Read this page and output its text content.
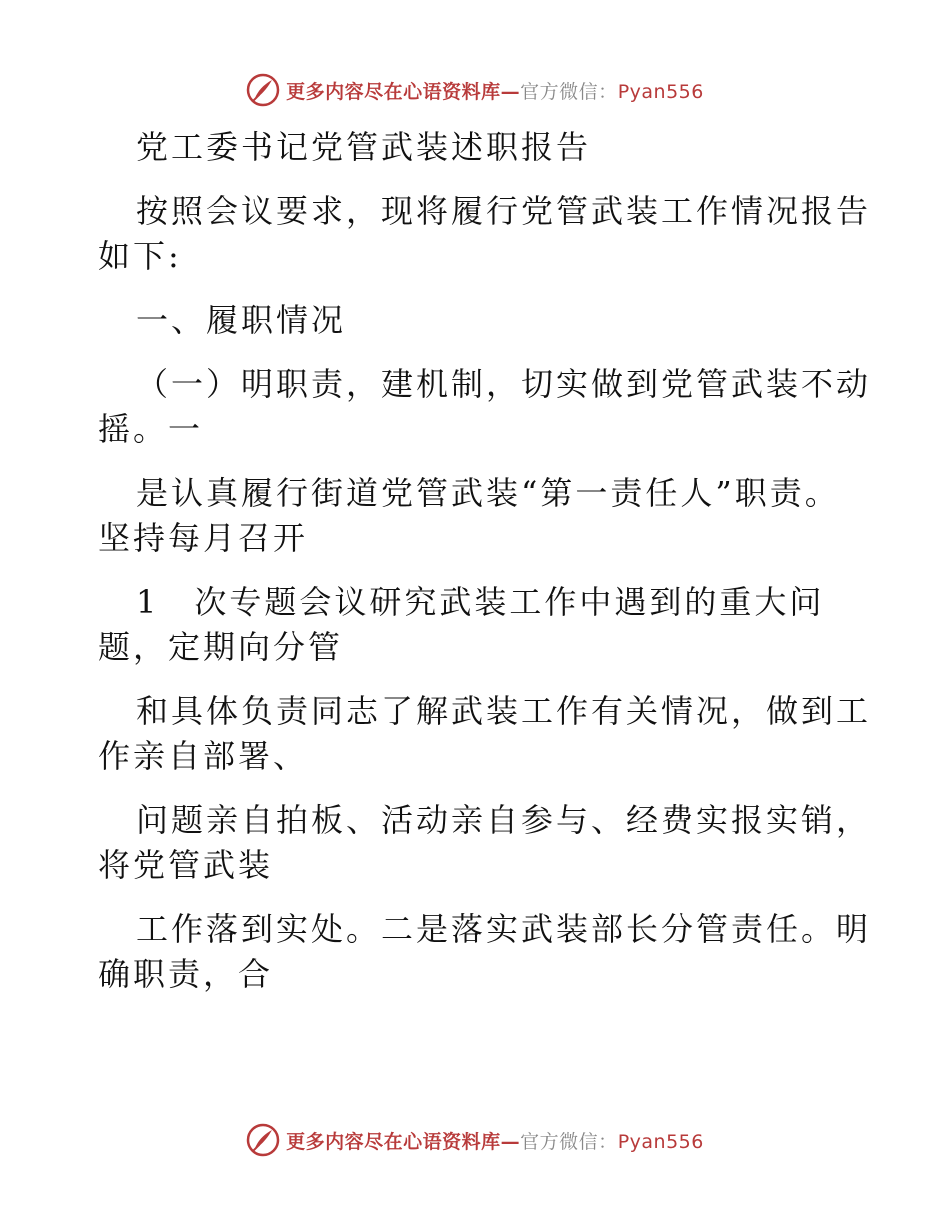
更多内容尽在心语资料库—官方微信：Pyan556
党工委书记党管武装述职报告
按照会议要求，现将履行党管武装工作情况报告
如下:
一、履职情况
（一）明职责，建机制，切实做到党管武装不动
摇。一
是认真履行街道党管武装“第一责任人”职责。
坚持每月召开
1　次专题会议研究武装工作中遇到的重大问
题，定期向分管
和具体负责同志了解武装工作有关情况，做到工
作亲自部署、
问题亲自拍板、活动亲自参与、经费实报实销，
将党管武装
工作落到实处。二是落实武装部长分管责任。明
确职责，合
更多内容尽在心语资料库—官方微信：Pyan556
